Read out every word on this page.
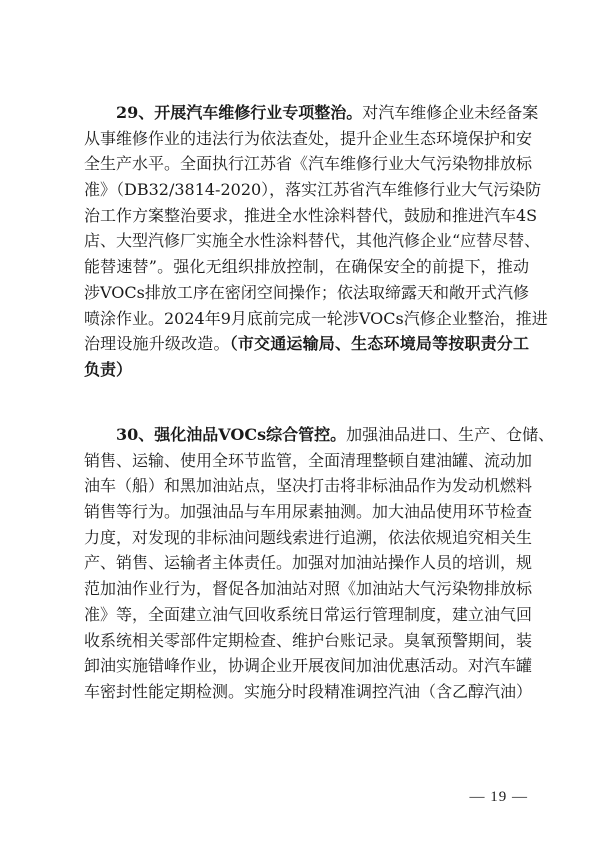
29、开展汽车维修行业专项整治。对汽车维修企业未经备案
从事维修作业的违法行为依法查处，提升企业生态环境保护和安
全生产水平。全面执行江苏省《汽车维修行业大气污染物排放标
准》（DB32/3814-2020），落实江苏省汽车维修行业大气污染防
治工作方案整治要求，推进全水性涂料替代，鼓励和推进汽车4S
店、大型汽修厂实施全水性涂料替代，其他汽修企业“应替尽替、
能替速替”。强化无组织排放控制，在确保安全的前提下，推动
涉VOCs排放工序在密闭空间操作；依法取缔露天和敞开式汽修
喷涂作业。2024年9月底前完成一轮涉VOCs汽修企业整治，推进
治理设施升级改造。（市交通运输局、生态环境局等按职责分工
负责）
30、强化油品VOCs综合管控。加强油品进口、生产、仓储、
销售、运输、使用全环节监管，全面清理整顿自建油罐、流动加
油车（船）和黑加油站点，坚决打击将非标油品作为发动机燃料
销售等行为。加强油品与车用尿素抽测。加大油品使用环节检查
力度，对发现的非标油问题线索进行追溯，依法依规追究相关生
产、销售、运输者主体责任。加强对加油站操作人员的培训，规
范加油作业行为，督促各加油站对照《加油站大气污染物排放标
准》等，全面建立油气回收系统日常运行管理制度，建立油气回
收系统相关零部件定期检查、维护台账记录。臭氧预警期间，装
卸油实施错峰作业，协调企业开展夜间加油优惠活动。对汽车罐
车密封性能定期检测。实施分时段精准调控汽油（含乙醇汽油）
— 19 —
